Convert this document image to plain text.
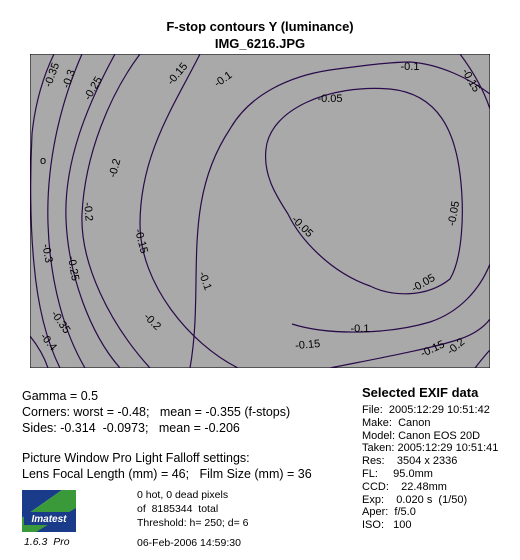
F-stop contours Y (luminance)
IMG_6216.JPG
-0.05
-0.05
-0.05
-0.05
-0.1
-0.1
-0.1
-0.1
-0.15	-0.15
-0.15
-0.15	-0.15
-0.2
-0.2
-0.2
-0.2
-0.25
-0.25
-0.3
-0.3
-0.35
-0.35
-0.4
o
Gamma = 0.5
Corners: worst = -0.48;   mean = -0.355 (f-stops)
Sides: -0.314  -0.0973;   mean = -0.206
Picture Window Pro Light Falloff settings:
Lens Focal Length (mm) = 46;   Film Size (mm) = 36
0 hot, 0 dead pixels
of  8185344  total
Threshold: h= 250; d= 6
06-Feb-2006 14:59:30
Selected EXIF data
File:  2005:12:29 10:51:42
Make:  Canon
Model: Canon EOS 20D
Taken: 2005:12:29 10:51:41
Res:    3504 x 2336
FL:     95.0mm
CCD:    22.48mm
Exp:    0.020 s  (1/50)
Aper:  f/5.0
ISO:   100
Imatest
1.6.3  Pro
